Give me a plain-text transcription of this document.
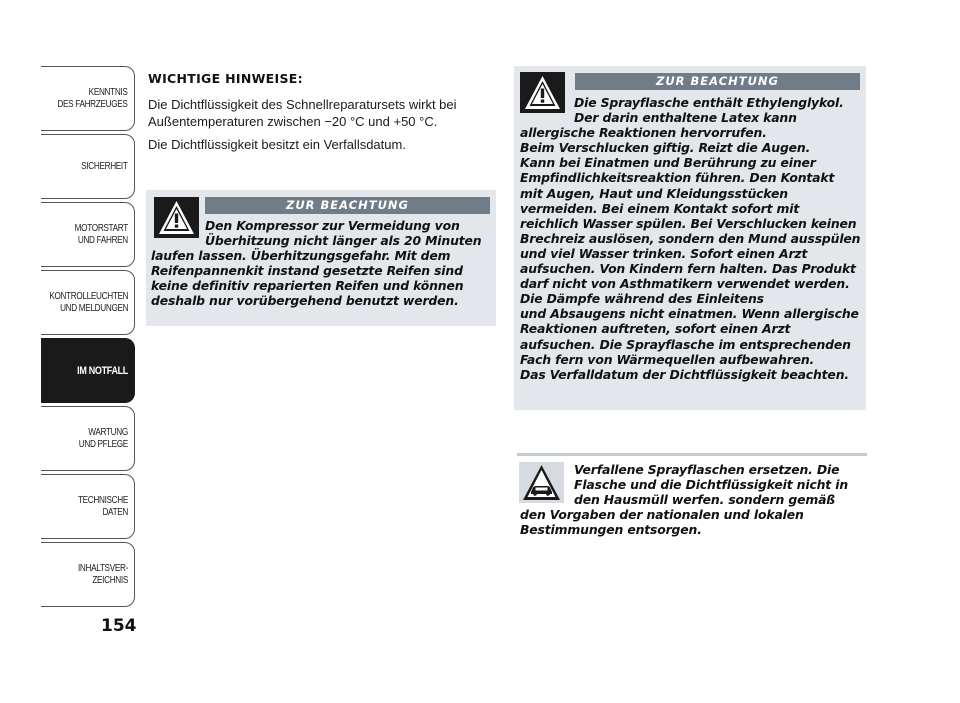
KENNTNIS
DES FAHRZEUGES
SICHERHEIT
MOTORSTART
UND FAHREN
KONTROLLEUCHTEN
UND MELDUNGEN
IM NOTFALL
WARTUNG
UND PFLEGE
TECHNISCHE
DATEN
INHALTSVER-
ZEICHNIS
154
WICHTIGE HINWEISE:

Die Dichtflüssigkeit des Schnellreparatursets wirkt bei Außentemperaturen zwischen −20 °C und +50 °C.

Die Dichtflüssigkeit besitzt ein Verfallsdatum.

ZUR BEACHTUNG

Den Kompressor zur Vermeidung von
Überhitzung nicht länger als 20 Minuten
laufen lassen. Überhitzungsgefahr. Mit dem
Reifenpannenkit instand gesetzte Reifen sind
keine definitiv reparierten Reifen und können
deshalb nur vorübergehend benutzt werden.

ZUR BEACHTUNG

Die Sprayflasche enthält Ethylenglykol.
Der darin enthaltene Latex kann
allergische Reaktionen hervorrufen.
Beim Verschlucken giftig. Reizt die Augen.
Kann bei Einatmen und Berührung zu einer
Empfindlichkeitsreaktion führen. Den Kontakt
mit Augen, Haut und Kleidungsstücken
vermeiden. Bei einem Kontakt sofort mit
reichlich Wasser spülen. Bei Verschlucken keinen
Brechreiz auslösen, sondern den Mund ausspülen
und viel Wasser trinken. Sofort einen Arzt
aufsuchen. Von Kindern fern halten. Das Produkt
darf nicht von Asthmatikern verwendet werden.
Die Dämpfe während des Einleitens
und Absaugens nicht einatmen. Wenn allergische
Reaktionen auftreten, sofort einen Arzt
aufsuchen. Die Sprayflasche im entsprechenden
Fach fern von Wärmequellen aufbewahren.
Das Verfalldatum der Dichtflüssigkeit beachten.

Verfallene Sprayflaschen ersetzen. Die
Flasche und die Dichtflüssigkeit nicht in
den Hausmüll werfen. sondern gemäß
den Vorgaben der nationalen und lokalen
Bestimmungen entsorgen.
